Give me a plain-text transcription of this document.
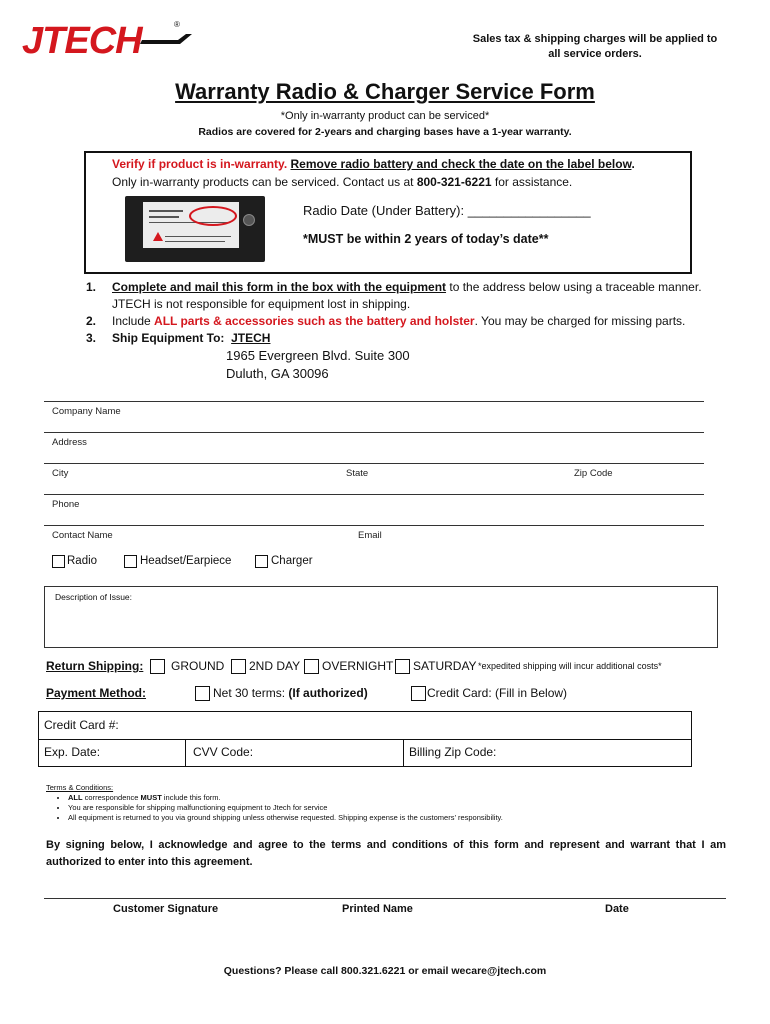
JTECH	®
Sales tax & shipping charges will be applied to
all service orders.
Warranty Radio & Charger Service Form
*Only in-warranty product can be serviced*
Radios are covered for 2-years and charging bases have a 1-year warranty.
Verify if product is in-warranty. Remove radio battery and check the date on the label below.
Only in-warranty products can be serviced. Contact us at 800-321-6221 for assistance.
Radio Date (Under Battery): _________________
*MUST be within 2 years of today’s date**
1. Complete and mail this form in the box with the equipment to the address below using a traceable manner. JTECH is not responsible for equipment lost in shipping.
2. Include ALL parts & accessories such as the battery and holster. You may be charged for missing parts.
3. Ship Equipment To: JTECH
1965 Evergreen Blvd. Suite 300
Duluth, GA 30096
Company Name
Address
City	State	Zip Code
Phone
Contact Name	Email
Radio	Headset/Earpiece	Charger
Description of Issue:
Return Shipping: GROUND 2ND DAY OVERNIGHT SATURDAY *expedited shipping will incur additional costs*
Payment Method:	Net 30 terms: (If authorized)	Credit Card: (Fill in Below)
Credit Card #:
Exp. Date:	CVV Code:	Billing Zip Code:
Terms & Conditions:
• ALL correspondence MUST include this form.
• You are responsible for shipping malfunctioning equipment to Jtech for service
• All equipment is returned to you via ground shipping unless otherwise requested. Shipping expense is the customers’ responsibility.
By signing below, I acknowledge and agree to the terms and conditions of this form and represent and warrant that I am authorized to enter into this agreement.
Customer Signature	Printed Name	Date
Questions? Please call 800.321.6221 or email wecare@jtech.com
